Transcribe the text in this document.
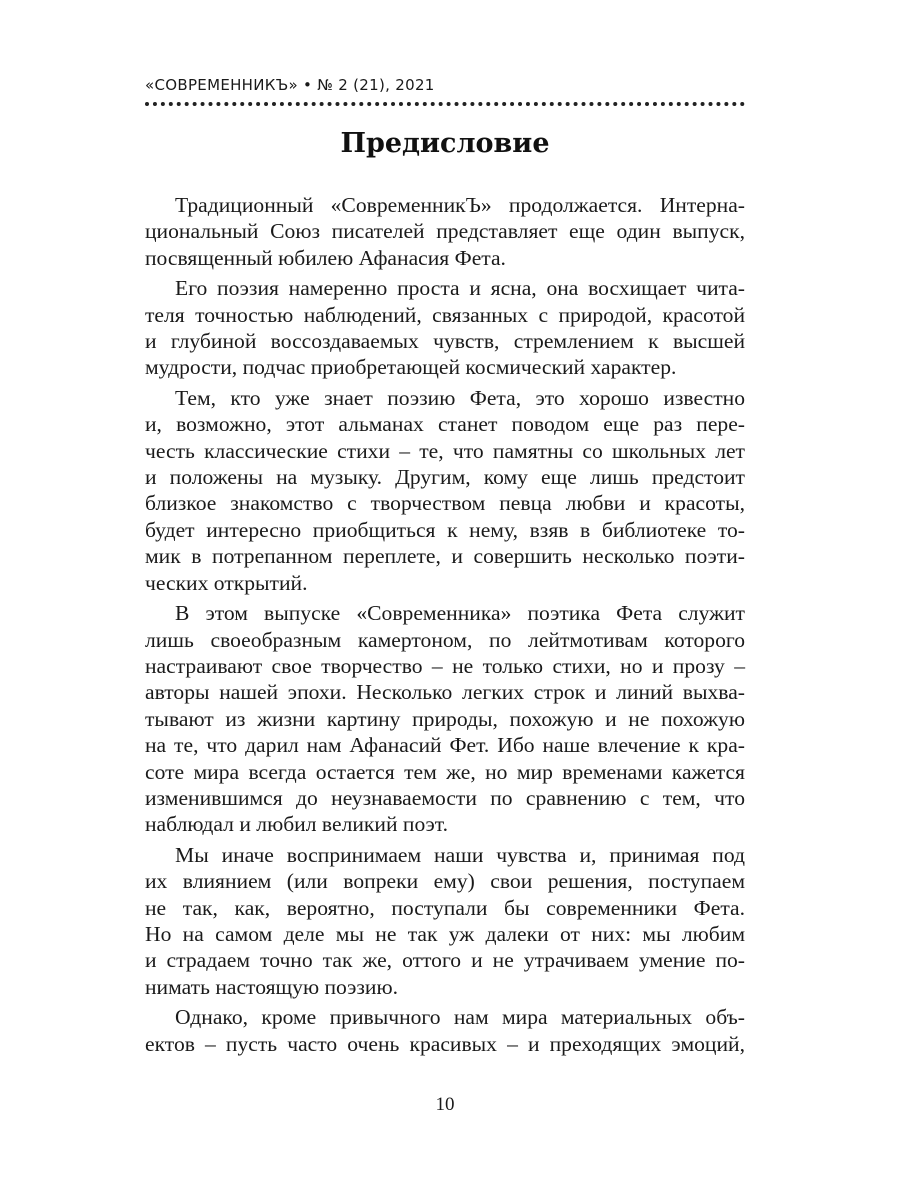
«СОВРЕМЕННИКЪ» • № 2 (21), 2021
Предисловие
Традиционный «СовременникЪ» продолжается. Интерна-
циональный Союз писателей представляет еще один выпуск,
посвященный юбилею Афанасия Фета.
Его поэзия намеренно проста и ясна, она восхищает чита-
теля точностью наблюдений, связанных с природой, красотой
и глубиной воссоздаваемых чувств, стремлением к высшей
мудрости, подчас приобретающей космический характер.
Тем, кто уже знает поэзию Фета, это хорошо известно
и, возможно, этот альманах станет поводом еще раз пере-
честь классические стихи – те, что памятны со школьных лет
и положены на музыку. Другим, кому еще лишь предстоит
близкое знакомство с творчеством певца любви и красоты,
будет интересно приобщиться к нему, взяв в библиотеке то-
мик в потрепанном переплете, и совершить несколько поэти-
ческих открытий.
В этом выпуске «Современника» поэтика Фета служит
лишь своеобразным камертоном, по лейтмотивам которого
настраивают свое творчество – не только стихи, но и прозу –
авторы нашей эпохи. Несколько легких строк и линий выхва-
тывают из жизни картину природы, похожую и не похожую
на те, что дарил нам Афанасий Фет. Ибо наше влечение к кра-
соте мира всегда остается тем же, но мир временами кажется
изменившимся до неузнаваемости по сравнению с тем, что
наблюдал и любил великий поэт.
Мы иначе воспринимаем наши чувства и, принимая под
их влиянием (или вопреки ему) свои решения, поступаем
не так, как, вероятно, поступали бы современники Фета.
Но на самом деле мы не так уж далеки от них: мы любим
и страдаем точно так же, оттого и не утрачиваем умение по-
нимать настоящую поэзию.
Однако, кроме привычного нам мира материальных объ-
ектов – пусть часто очень красивых – и преходящих эмоций,
10
